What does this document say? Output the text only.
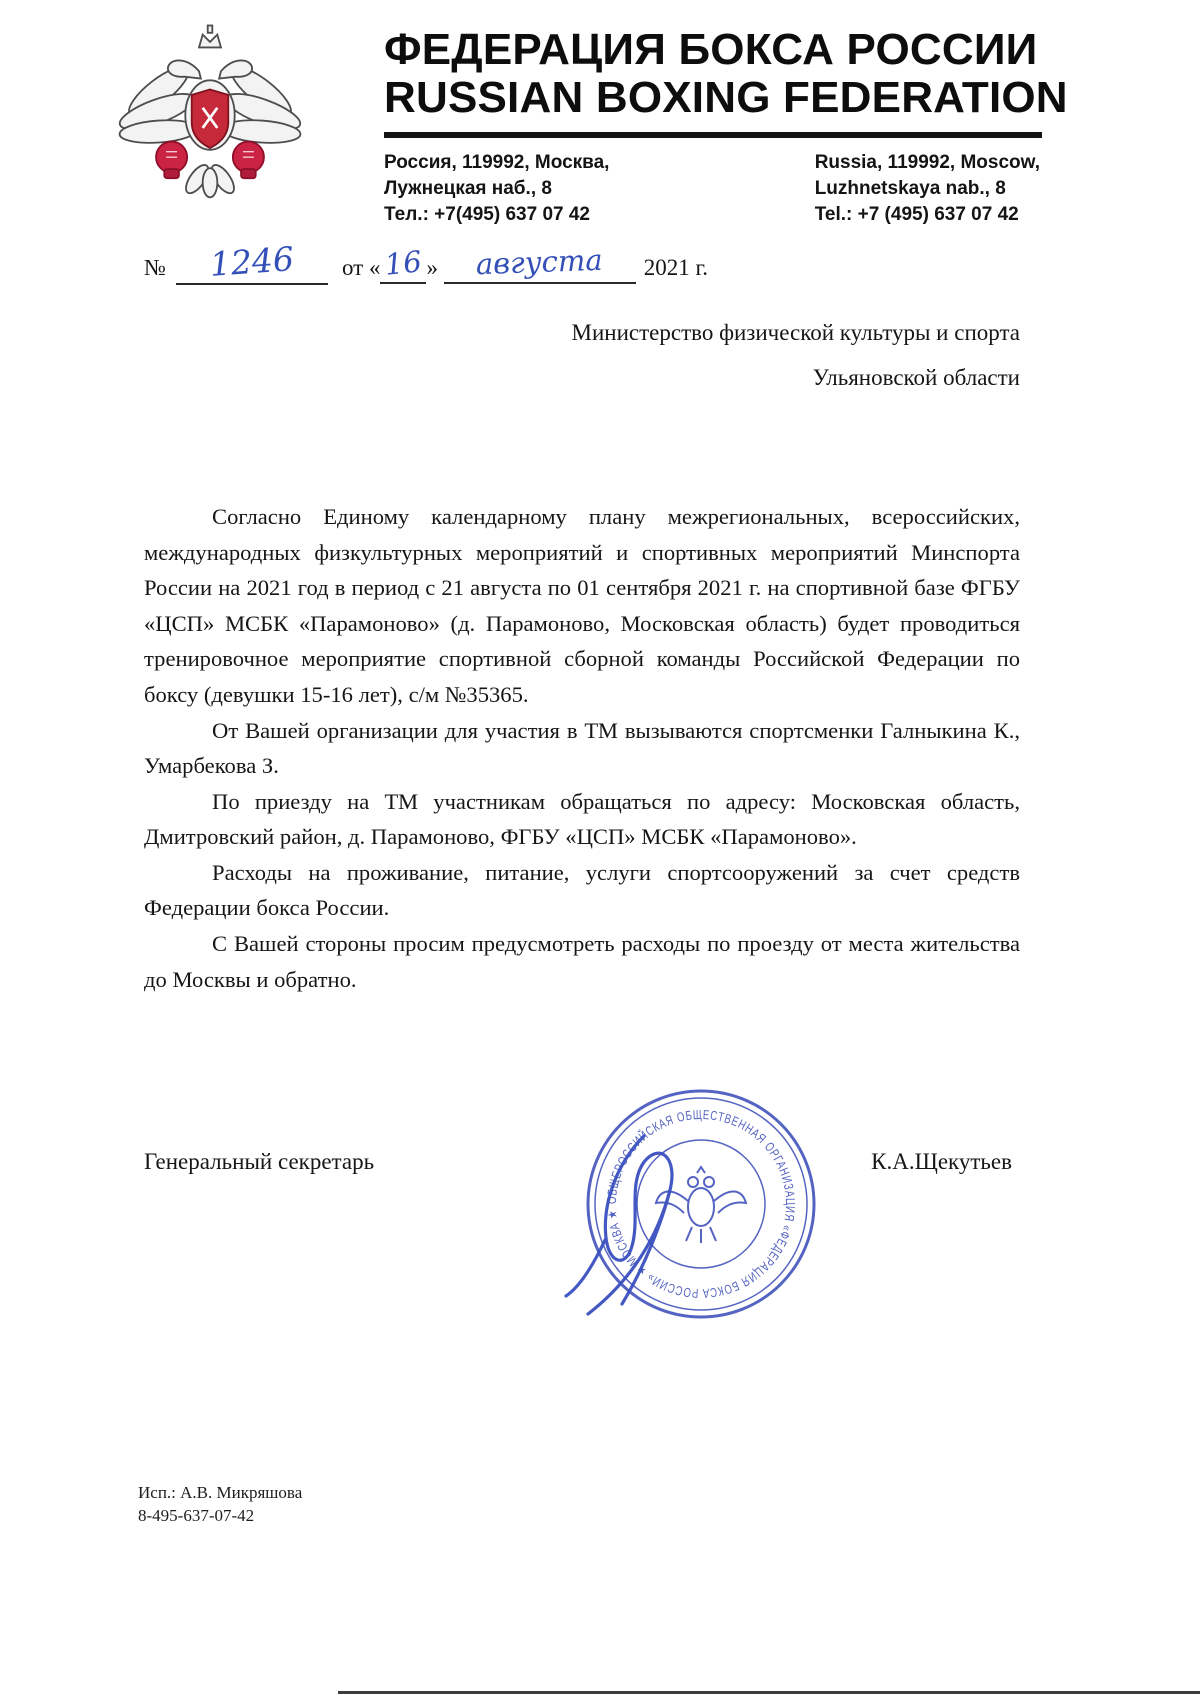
ФЕДЕРАЦИЯ БОКСА РОССИИ
RUSSIAN BOXING FEDERATION
Россия, 119992, Москва,
Лужнецкая наб., 8
Тел.: +7(495) 637 07 42
Russia, 119992, Moscow,
Luzhnetskaya nab., 8
Tel.: +7 (495) 637 07 42
№ 1246 от «16 » августа 2021 г.
Министерство физической культуры и спорта
Ульяновской области

Согласно Единому календарному плану межрегиональных, всероссийских, международных физкультурных мероприятий и спортивных мероприятий Минспорта России на 2021 год в период с 21 августа по 01 сентября 2021 г. на спортивной базе ФГБУ «ЦСП» МСБК «Парамоново» (д. Парамоново, Московская область) будет проводиться тренировочное мероприятие спортивной сборной команды Российской Федерации по боксу (девушки 15-16 лет), с/м №35365.

От Вашей организации для участия в ТМ вызываются спортсменки Галныкина К., Умарбекова З.

По приезду на ТМ участникам обращаться по адресу: Московская область, Дмитровский район, д. Парамоново, ФГБУ «ЦСП» МСБК «Парамоново».

Расходы на проживание, питание, услуги спортсооружений за счет средств Федерации бокса России.

С Вашей стороны просим предусмотреть расходы по проезду от места жительства до Москвы и обратно.

Генеральный секретарь	К.А.Щекутьев
ОБЩЕРОССИЙСКАЯ ОБЩЕСТВЕННАЯ ОРГАНИЗАЦИЯ «ФЕДЕРАЦИЯ БОКСА РОССИИ» ★ МОСКВА ★
Исп.: А.В. Микряшова
8-495-637-07-42
